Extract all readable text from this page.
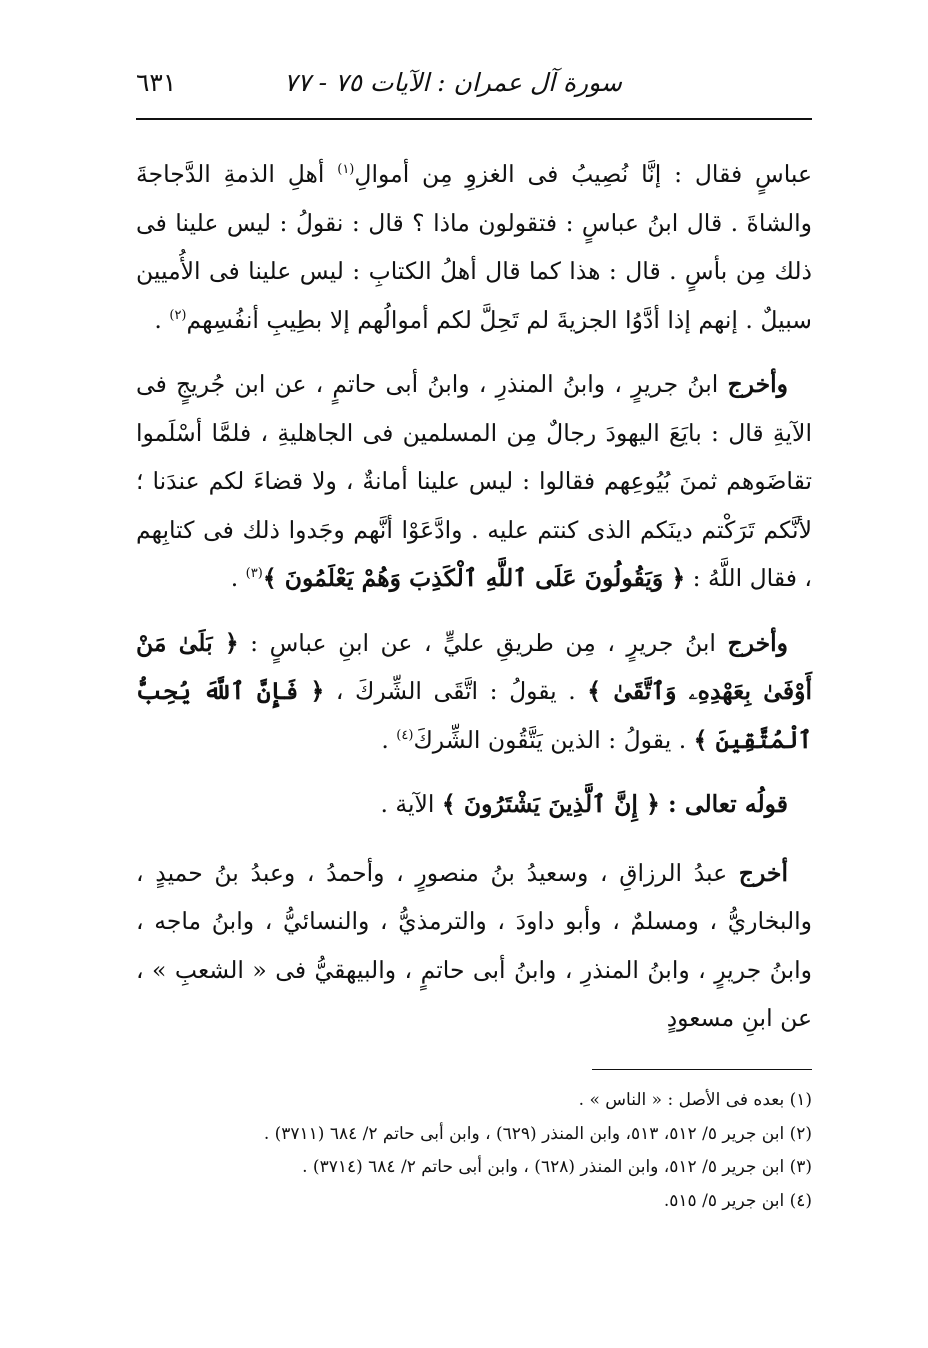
سورة آل عمران : الآيات ٧٥ - ٧٧
٦٣١

عباسٍ فقال : إنَّا نُصِيبُ فى الغزوِ مِن أموالِ$^{(١)}$ أهلِ الذمةِ الدَّجاجةَ والشاةَ . قال ابنُ عباسٍ : فتقولون ماذا ؟ قال : نقولُ : ليس علينا فى ذلك مِن بأسٍ . قال : هذا كما قال أهلُ الكتابِ : ليس علينا فى الأُميين سبيلٌ . إنهم إذا أدَّوُا الجزيةَ لم تَحِلَّ لكم أموالُهم إلا بطِيبِ أنفُسِهم$^{(٢)}$ .

وأخرج ابنُ جريرٍ ، وابنُ المنذرِ ، وابنُ أبى حاتمٍ ، عن ابن جُريجٍ فى الآيةِ قال : بايَعَ اليهودَ رجالٌ مِن المسلمين فى الجاهليةِ ، فلمَّا أسْلَموا تقاضَوهم ثمنَ بُيُوعِهم فقالوا : ليس علينا أمانةٌ ، ولا قضاءَ لكم عندَنا ؛ لأنَّكم تَرَكْتم دينَكم الذى كنتم عليه . وادَّعَوْا أنَّهم وجَدوا ذلك فى كتابِهم ، فقال اللَّهُ : ﴿ وَيَقُولُونَ عَلَى ٱللَّهِ ٱلْكَذِبَ وَهُمْ يَعْلَمُونَ ﴾$^{(٣)}$ .

وأخرج ابنُ جريرٍ ، مِن طريقِ عليٍّ ، عن ابنِ عباسٍ : ﴿ بَلَىٰ مَنْ أَوْفَىٰ بِعَهْدِهِۦ وَٱتَّقَىٰ ﴾ . يقولُ : اتَّقَى الشِّركَ ، ﴿ فَإِنَّ ٱللَّهَ يُحِبُّ ٱلْمُتَّقِينَ ﴾ . يقولُ : الذين يَتَّقُون الشِّركَ$^{(٤)}$ .

قولُه تعالى : ﴿ إِنَّ ٱلَّذِينَ يَشْتَرُونَ ﴾ الآية .

أخرج عبدُ الرزاقِ ، وسعيدُ بنُ منصورٍ ، وأحمدُ ، وعبدُ بنُ حميدٍ ، والبخاريُّ ، ومسلمٌ ، وأبو داودَ ، والترمذيُّ ، والنسائيُّ ، وابنُ ماجه ، وابنُ جريرٍ ، وابنُ المنذرِ ، وابنُ أبى حاتمٍ ، والبيهقيُّ فى « الشعبِ » ، عن ابنِ مسعودٍ

(١) بعده فى الأصل : « الناس » .

(٢) ابن جرير ٥/ ٥١٢، ٥١٣، وابن المنذر (٦٢٩) ، وابن أبى حاتم ٢/ ٦٨٤ (٣٧١١) .

(٣) ابن جرير ٥/ ٥١٢، وابن المنذر (٦٢٨) ، وابن أبى حاتم ٢/ ٦٨٤ (٣٧١٤) .

(٤) ابن جرير ٥/ ٥١٥.
